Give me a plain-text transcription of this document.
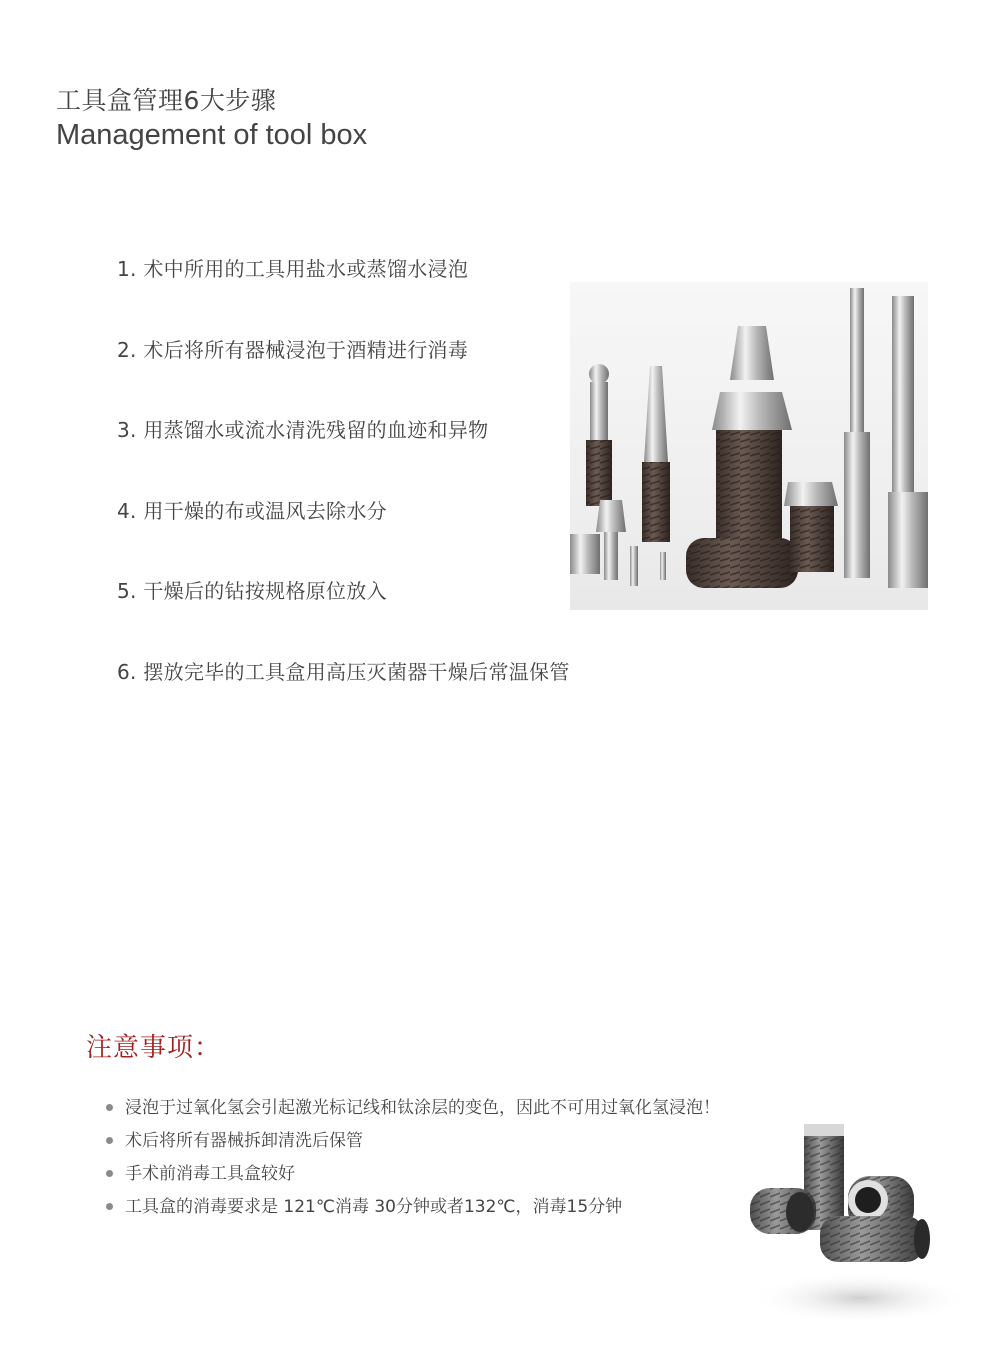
工具盒管理6大步骤
Management of tool box
1. 术中所用的工具用盐水或蒸馏水浸泡
2. 术后将所有器械浸泡于酒精进行消毒
3. 用蒸馏水或流水清洗残留的血迹和异物
4. 用干燥的布或温风去除水分
5. 干燥后的钻按规格原位放入
6. 摆放完毕的工具盒用高压灭菌器干燥后常温保管
注意事项：
浸泡于过氧化氢会引起激光标记线和钛涂层的变色，因此不可用过氧化氢浸泡！
术后将所有器械拆卸清洗后保管
手术前消毒工具盒较好
工具盒的消毒要求是 121℃消毒 30分钟或者132℃，消毒15分钟
